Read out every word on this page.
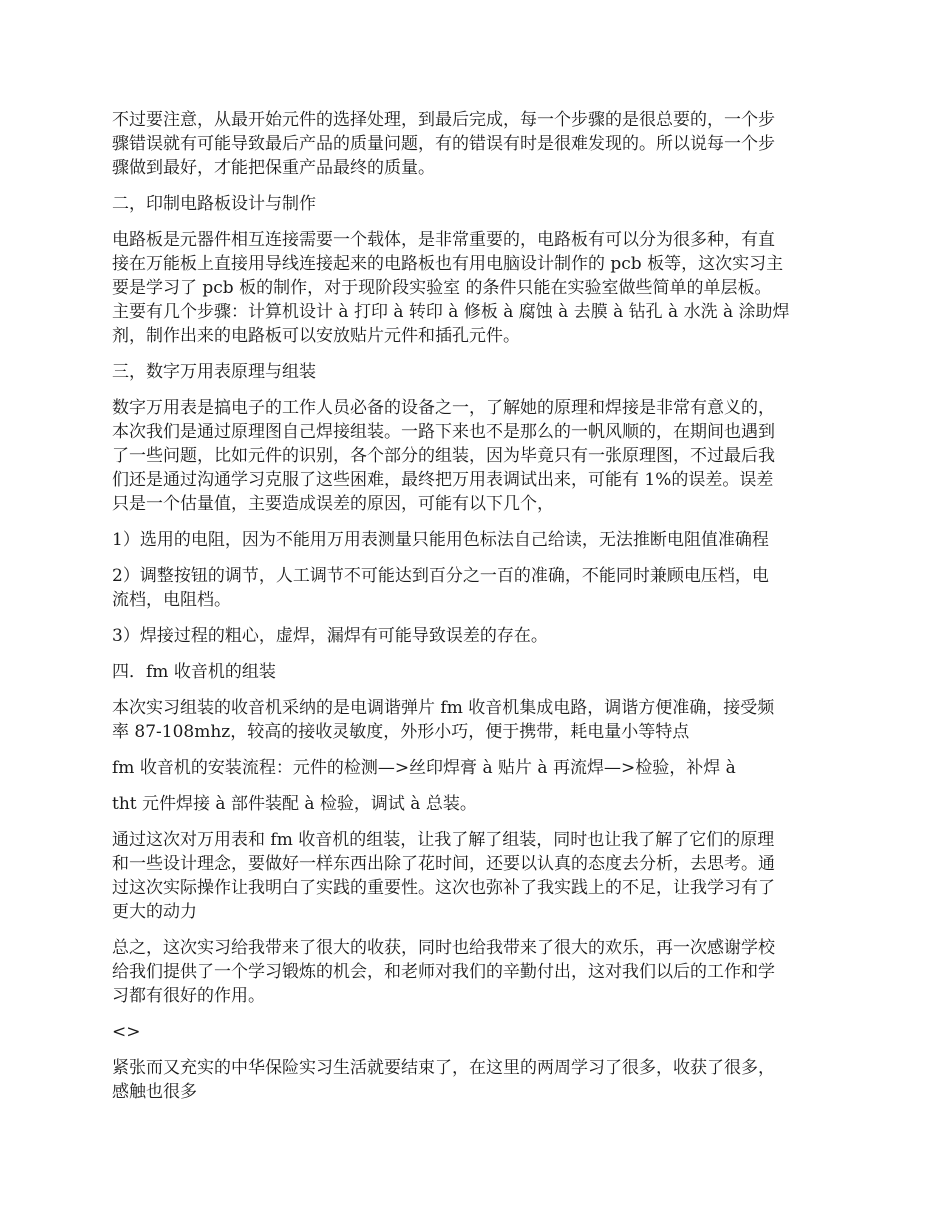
不过要注意，从最开始元件的选择处理，到最后完成，每一个步骤的是很总要的，一个步
骤错误就有可能导致最后产品的质量问题，有的错误有时是很难发现的。所以说每一个步
骤做到最好，才能把保重产品最终的质量。

二，印制电路板设计与制作

电路板是元器件相互连接需要一个载体，是非常重要的，电路板有可以分为很多种，有直
接在万能板上直接用导线连接起来的电路板也有用电脑设计制作的 pcb 板等，这次实习主
要是学习了 pcb 板的制作，对于现阶段实验室 的条件只能在实验室做些简单的单层板。
主要有几个步骤：计算机设计 à 打印 à 转印 à 修板 à 腐蚀 à 去膜 à 钻孔 à 水洗 à 涂助焊
剂，制作出来的电路板可以安放贴片元件和插孔元件。

三，数字万用表原理与组装

数字万用表是搞电子的工作人员必备的设备之一，了解她的原理和焊接是非常有意义的，
本次我们是通过原理图自己焊接组装。一路下来也不是那么的一帆风顺的，在期间也遇到
了一些问题，比如元件的识别，各个部分的组装，因为毕竟只有一张原理图，不过最后我
们还是通过沟通学习克服了这些困难，最终把万用表调试出来，可能有 1%的误差。误差
只是一个估量值，主要造成误差的原因，可能有以下几个，

1）选用的电阻，因为不能用万用表测量只能用色标法自己给读，无法推断电阻值准确程

2）调整按钮的调节，人工调节不可能达到百分之一百的准确，不能同时兼顾电压档，电
流档，电阻档。

3）焊接过程的粗心，虚焊，漏焊有可能导致误差的存在。

四．fm 收音机的组装

本次实习组装的收音机采纳的是电调谐弹片 fm 收音机集成电路，调谐方便准确，接受频
率 87-108mhz，较高的接收灵敏度，外形小巧，便于携带，耗电量小等特点

fm 收音机的安装流程：元件的检测—>丝印焊膏 à 贴片 à 再流焊—>检验，补焊 à

tht 元件焊接 à 部件装配 à 检验，调试 à 总装。

通过这次对万用表和 fm 收音机的组装，让我了解了组装，同时也让我了解了它们的原理
和一些设计理念，要做好一样东西出除了花时间，还要以认真的态度去分析，去思考。通
过这次实际操作让我明白了实践的重要性。这次也弥补了我实践上的不足，让我学习有了
更大的动力

总之，这次实习给我带来了很大的收获，同时也给我带来了很大的欢乐，再一次感谢学校
给我们提供了一个学习锻炼的机会，和老师对我们的辛勤付出，这对我们以后的工作和学
习都有很好的作用。

<>

紧张而又充实的中华保险实习生活就要结束了，在这里的两周学习了很多，收获了很多，
感触也很多
